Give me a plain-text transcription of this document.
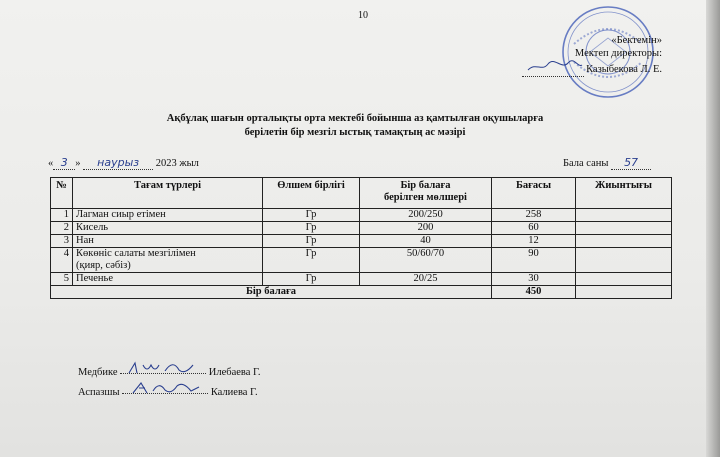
10
«Бектемін»
Мектеп директоры:
Казыбекова Л. Е.
Ақбұлақ шағын орталықты орта мектебі бойынша аз қамтылған оқушыларға
берілетін бір мезгіл ыстық тамақтың ас мәзірі
« 3 » наурыз 2023 жыл	Бала саны 57
№	Тағам түрлері	Өлшем бірлігі	Бір балаға
берілген мөлшері	Бағасы	Жиынтығы
1	Лагман сиыр етімен	Гр	200/250	258	
2	Кисель	Гр	200	60	
3	Нан	Гр	40	12	
4	Көкөніс салаты мезгілімен
(қияр, сәбіз)	Гр	50/60/70	90	
5	Печенье	Гр	20/25	30	
Бір балаға				450	
Медбике	Илебаева Г.
Аспазшы	Калиева Г.
